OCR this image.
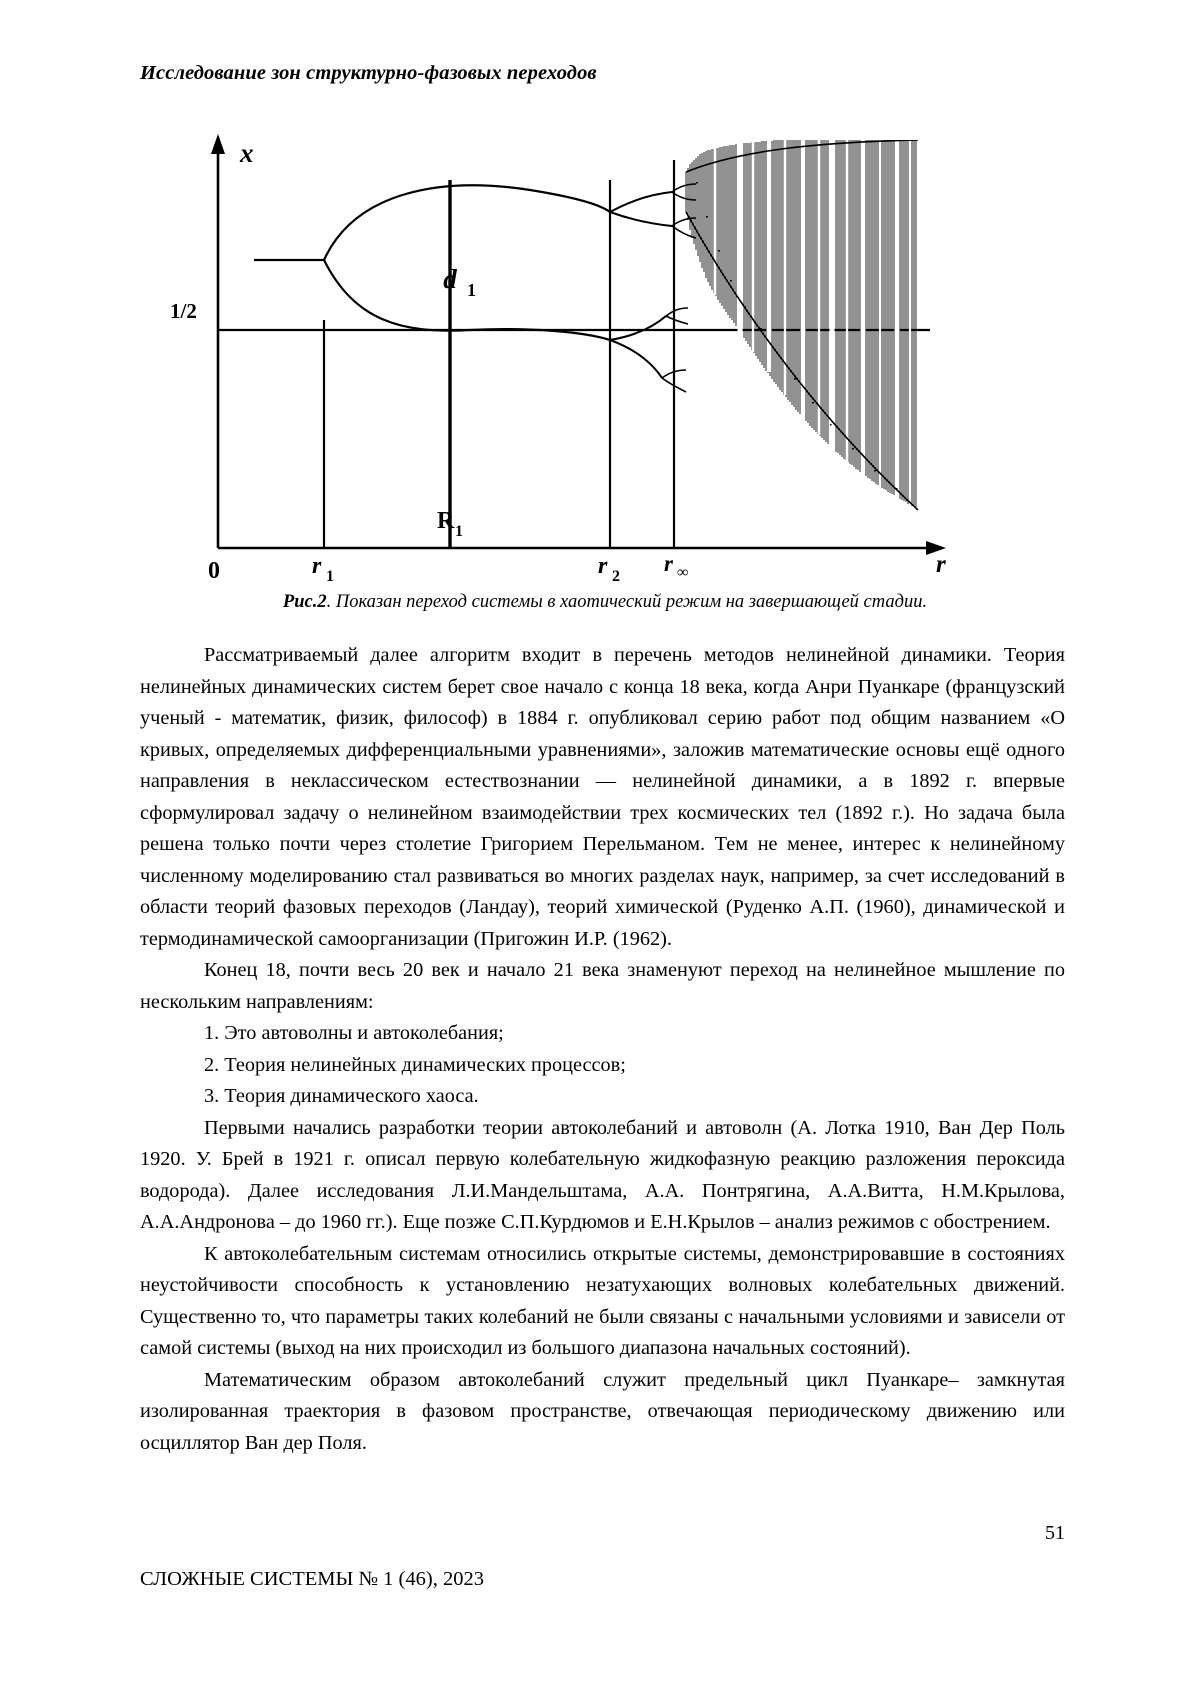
Исследование зон структурно-фазовых переходов
x
1/2
0	r
d 1
r 1
R 1
r 2
r ∞
Рис.2. Показан переход системы в хаотический режим на завершающей стадии.

Рассматриваемый далее алгоритм входит в перечень методов нелинейной динамики. Теория нелинейных динамических систем берет свое начало с конца 18 века, когда Анри Пуанкаре (французский ученый - математик, физик, философ) в 1884 г. опубликовал серию работ под общим названием «О кривых, определяемых дифференциальными уравнениями», заложив математические основы ещё одного направления в неклассическом естествознании — нелинейной динамики, а в 1892 г. впервые сформулировал задачу о нелинейном взаимодействии трех космических тел (1892 г.). Но задача была решена только почти через столетие Григорием Перельманом. Тем не менее, интерес к нелинейному численному моделированию стал развиваться во многих разделах наук, например, за счет исследований в области теорий фазовых переходов (Ландау), теорий химической (Руденко А.П. (1960), динамической и термодинамической самоорганизации (Пригожин И.Р. (1962).

Конец 18, почти весь 20 век и начало 21 века знаменуют переход на нелинейное мышление по нескольким направлениям:

1. Это автоволны и автоколебания;

2. Теория нелинейных динамических процессов;

3. Теория динамического хаоса.

Первыми начались разработки теории автоколебаний и автоволн (А. Лотка 1910, Ван Дер Поль 1920. У. Брей в 1921 г. описал первую колебательную жидкофазную реакцию разложения пероксида водорода). Далее исследования Л.И.Мандельштама, А.А. Понтрягина, А.А.Витта, Н.М.Крылова, А.А.Андронова – до 1960 гг.). Еще позже С.П.Курдюмов и Е.Н.Крылов – анализ режимов с обострением.

К автоколебательным системам относились открытые системы, демонстрировавшие в состояниях неустойчивости способность к установлению незатухающих волновых колебательных движений. Существенно то, что параметры таких колебаний не были связаны с начальными условиями и зависели от самой системы (выход на них происходил из большого диапазона начальных состояний).

Математическим образом автоколебаний служит предельный цикл Пуанкаре– замкнутая изолированная траектория в фазовом пространстве, отвечающая периодическому движению или осциллятор Ван дер Поля.

51
СЛОЖНЫЕ СИСТЕМЫ № 1 (46), 2023
